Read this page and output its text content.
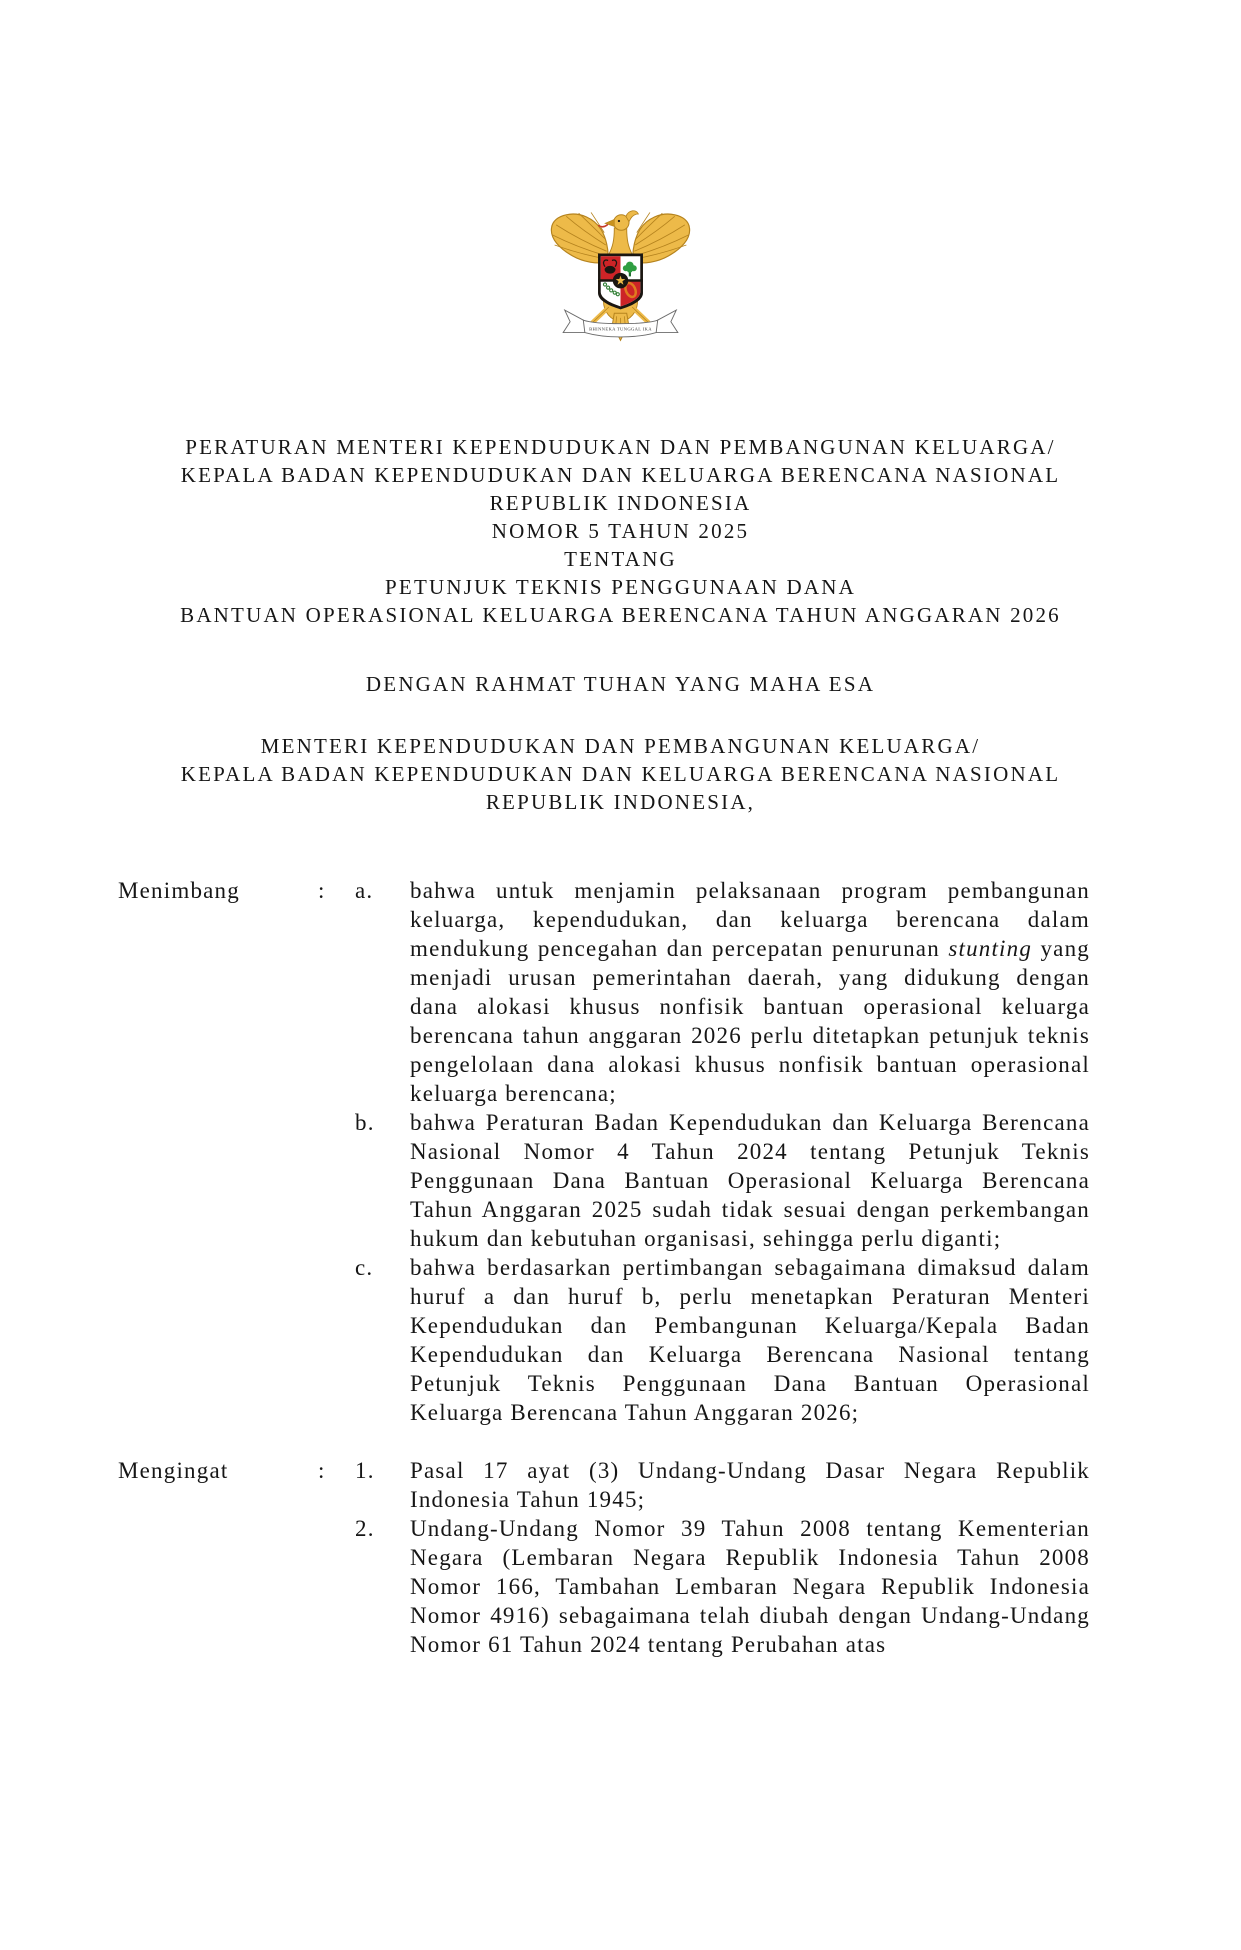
BHINNEKA TUNGGAL IKA
PERATURAN MENTERI KEPENDUDUKAN DAN PEMBANGUNAN KELUARGA/
KEPALA BADAN KEPENDUDUKAN DAN KELUARGA BERENCANA NASIONAL
REPUBLIK INDONESIA
NOMOR 5 TAHUN 2025
TENTANG
PETUNJUK TEKNIS PENGGUNAAN DANA
BANTUAN OPERASIONAL KELUARGA BERENCANA TAHUN ANGGARAN 2026
DENGAN RAHMAT TUHAN YANG MAHA ESA
MENTERI KEPENDUDUKAN DAN PEMBANGUNAN KELUARGA/
KEPALA BADAN KEPENDUDUKAN DAN KELUARGA BERENCANA NASIONAL
REPUBLIK INDONESIA,
Menimbang	:	a.	bahwa untuk menjamin pelaksanaan program pembangunan keluarga, kependudukan, dan keluarga berencana dalam mendukung pencegahan dan percepatan penurunan stunting yang menjadi urusan pemerintahan daerah, yang didukung dengan dana alokasi khusus nonfisik bantuan operasional keluarga berencana tahun anggaran 2026 perlu ditetapkan petunjuk teknis pengelolaan dana alokasi khusus nonfisik bantuan operasional keluarga berencana;
b.	bahwa Peraturan Badan Kependudukan dan Keluarga Berencana Nasional Nomor 4 Tahun 2024 tentang Petunjuk Teknis Penggunaan Dana Bantuan Operasional Keluarga Berencana Tahun Anggaran 2025 sudah tidak sesuai dengan perkembangan hukum dan kebutuhan organisasi, sehingga perlu diganti;
c.	bahwa berdasarkan pertimbangan sebagaimana dimaksud dalam huruf a dan huruf b, perlu menetapkan Peraturan Menteri Kependudukan dan Pembangunan Keluarga/Kepala Badan Kependudukan dan Keluarga Berencana Nasional tentang Petunjuk Teknis Penggunaan Dana Bantuan Operasional Keluarga Berencana Tahun Anggaran 2026;
Mengingat	:	1.	Pasal 17 ayat (3) Undang-Undang Dasar Negara Republik Indonesia Tahun 1945;
2.	Undang-Undang Nomor 39 Tahun 2008 tentang Kementerian Negara (Lembaran Negara Republik Indonesia Tahun 2008 Nomor 166, Tambahan Lembaran Negara Republik Indonesia Nomor 4916) sebagaimana telah diubah dengan Undang-Undang Nomor 61 Tahun 2024 tentang Perubahan atas
